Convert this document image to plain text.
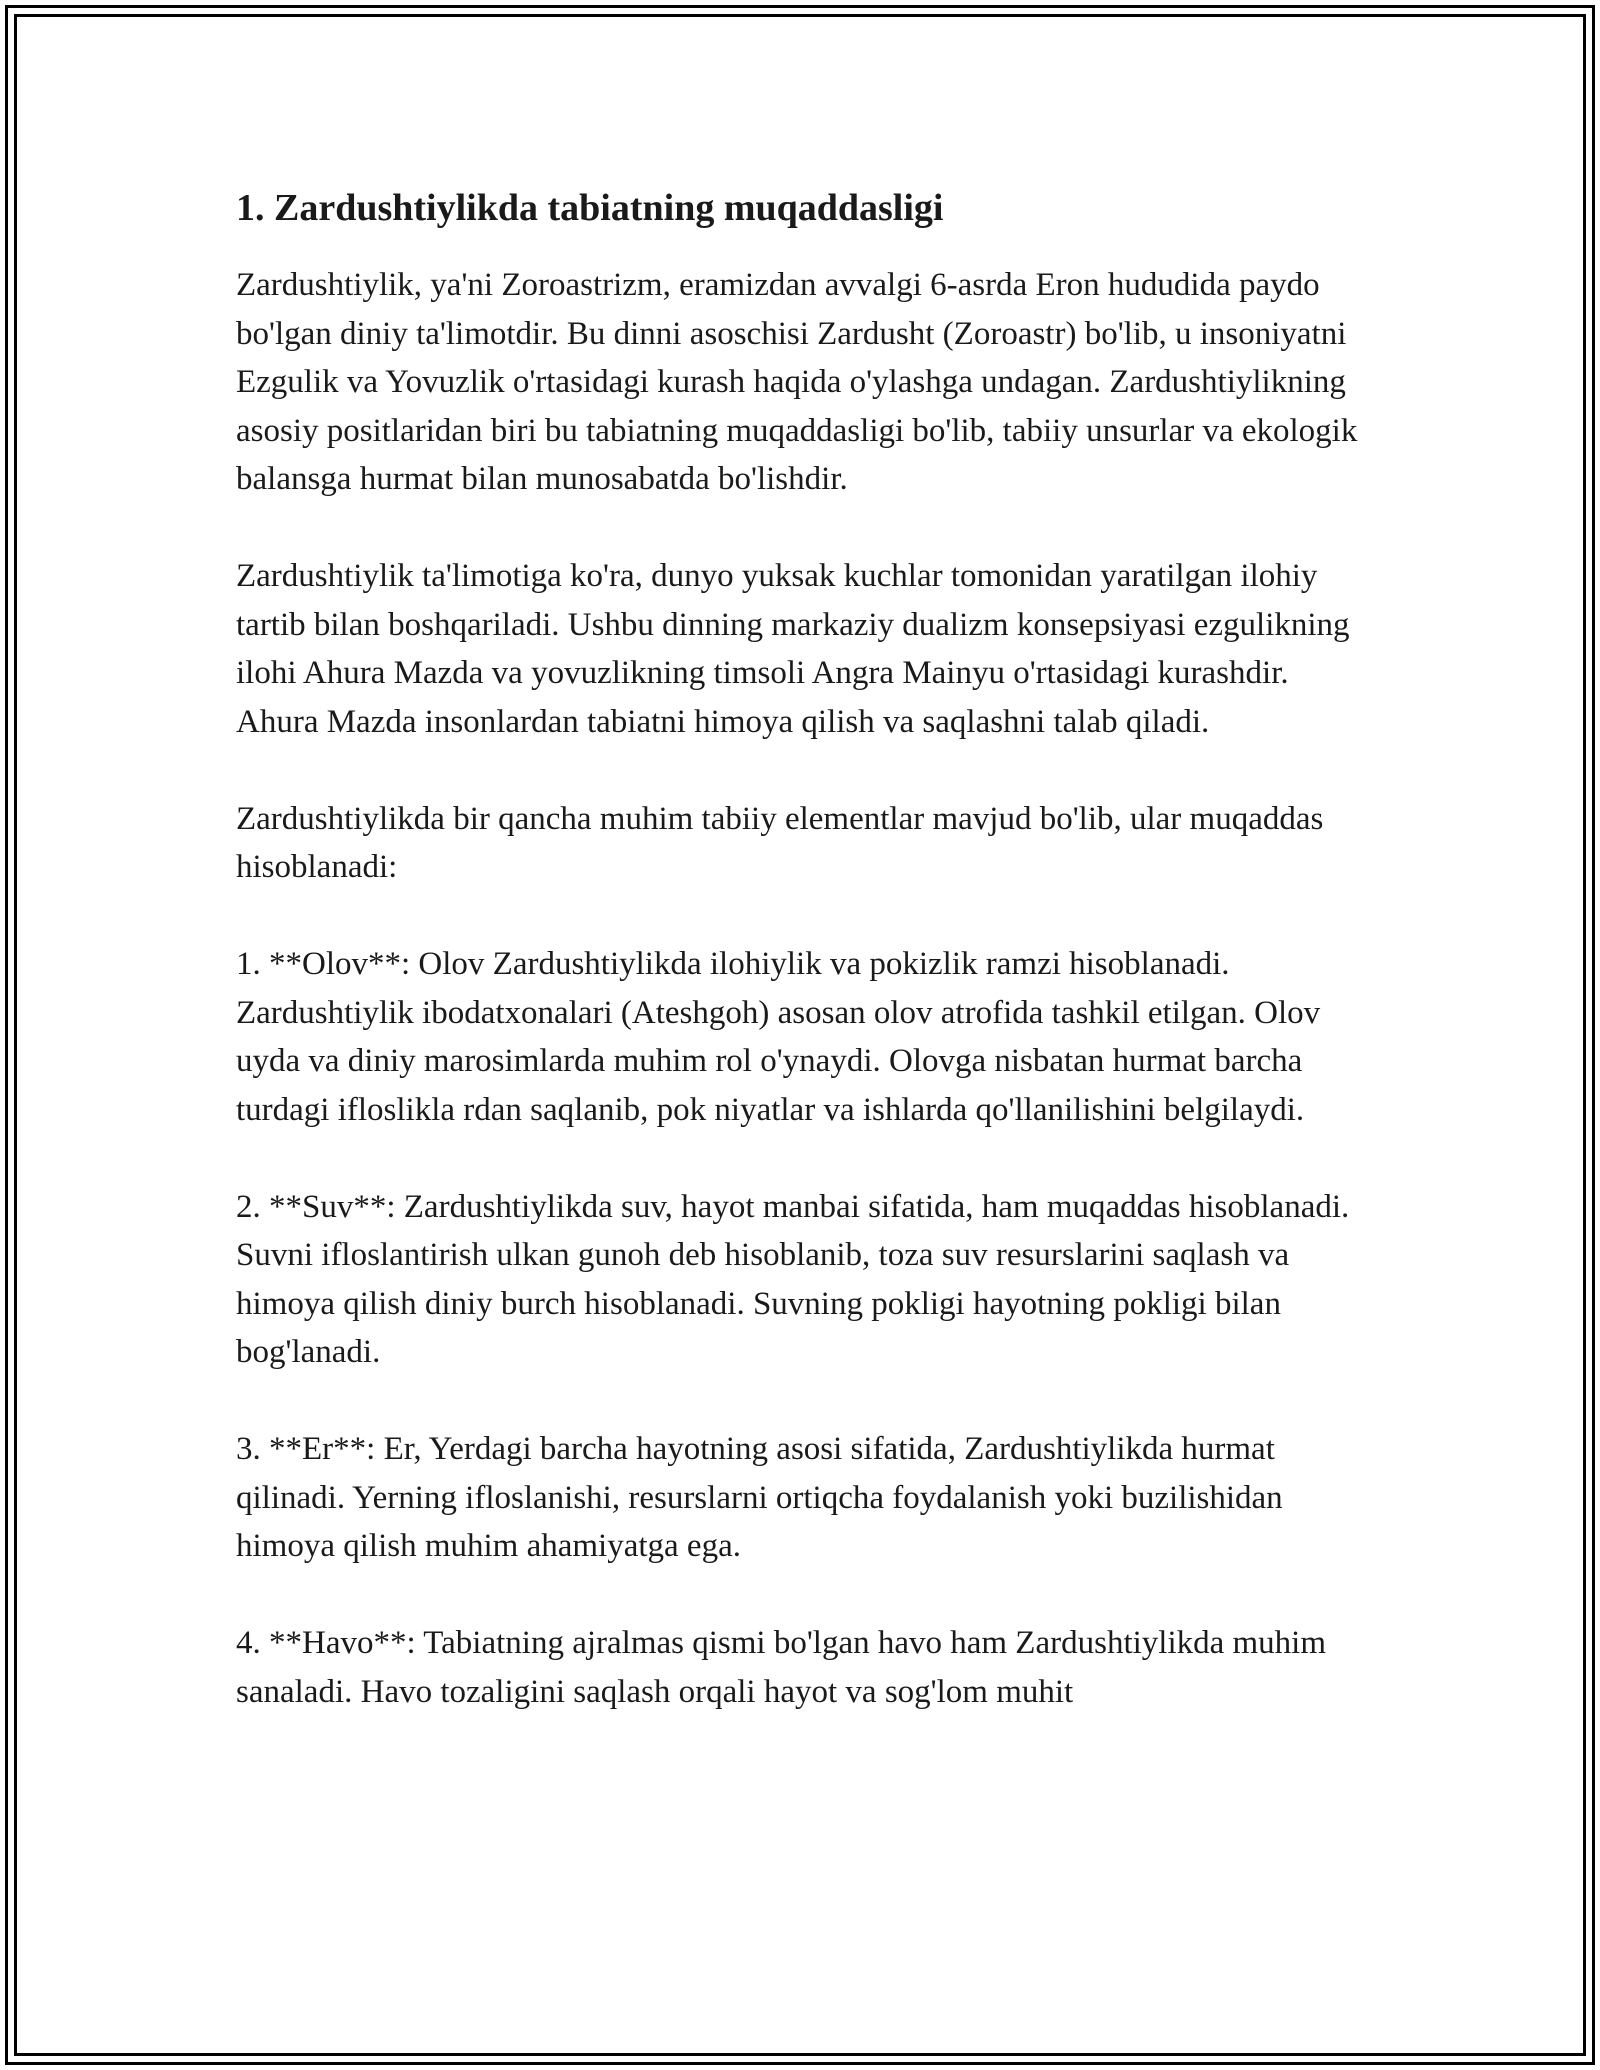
1. Zardushtiylikda tabiatning muqaddasligi

Zardushtiylik, ya'ni Zoroastrizm, eramizdan avvalgi 6-asrda Eron hududida paydo bo'lgan diniy ta'limotdir. Bu dinni asoschisi Zardusht (Zoroastr) bo'lib, u insoniyatni Ezgulik va Yovuzlik o'rtasidagi kurash haqida o'ylashga undagan. Zardushtiylikning asosiy positlaridan biri bu tabiatning muqaddasligi bo'lib, tabiiy unsurlar va ekologik balansga hurmat bilan munosabatda bo'lishdir.

Zardushtiylik ta'limotiga ko'ra, dunyo yuksak kuchlar tomonidan yaratilgan ilohiy tartib bilan boshqariladi. Ushbu dinning markaziy dualizm konsepsiyasi ezgulikning ilohi Ahura Mazda va yovuzlikning timsoli Angra Mainyu o'rtasidagi kurashdir. Ahura Mazda insonlardan tabiatni himoya qilish va saqlashni talab qiladi.

Zardushtiylikda bir qancha muhim tabiiy elementlar mavjud bo'lib, ular muqaddas hisoblanadi:

1. **Olov**: Olov Zardushtiylikda ilohiylik va pokizlik ramzi hisoblanadi. Zardushtiylik ibodatxonalari (Ateshgoh) asosan olov atrofida tashkil etilgan. Olov uyda va diniy marosimlarda muhim rol o'ynaydi. Olovga nisbatan hurmat barcha turdagi ifloslikla rdan saqlanib, pok niyatlar va ishlarda qo'llanilishini belgilaydi.

2. **Suv**: Zardushtiylikda suv, hayot manbai sifatida, ham muqaddas hisoblanadi. Suvni ifloslantirish ulkan gunoh deb hisoblanib, toza suv resurslarini saqlash va himoya qilish diniy burch hisoblanadi. Suvning pokligi hayotning pokligi bilan bog'lanadi.

3. **Er**: Er, Yerdagi barcha hayotning asosi sifatida, Zardushtiylikda hurmat qilinadi. Yerning ifloslanishi, resurslarni ortiqcha foydalanish yoki buzilishidan himoya qilish muhim ahamiyatga ega.

4. **Havo**: Tabiatning ajralmas qismi bo'lgan havo ham Zardushtiylikda muhim sanaladi. Havo tozaligini saqlash orqali hayot va sog'lom muhit
